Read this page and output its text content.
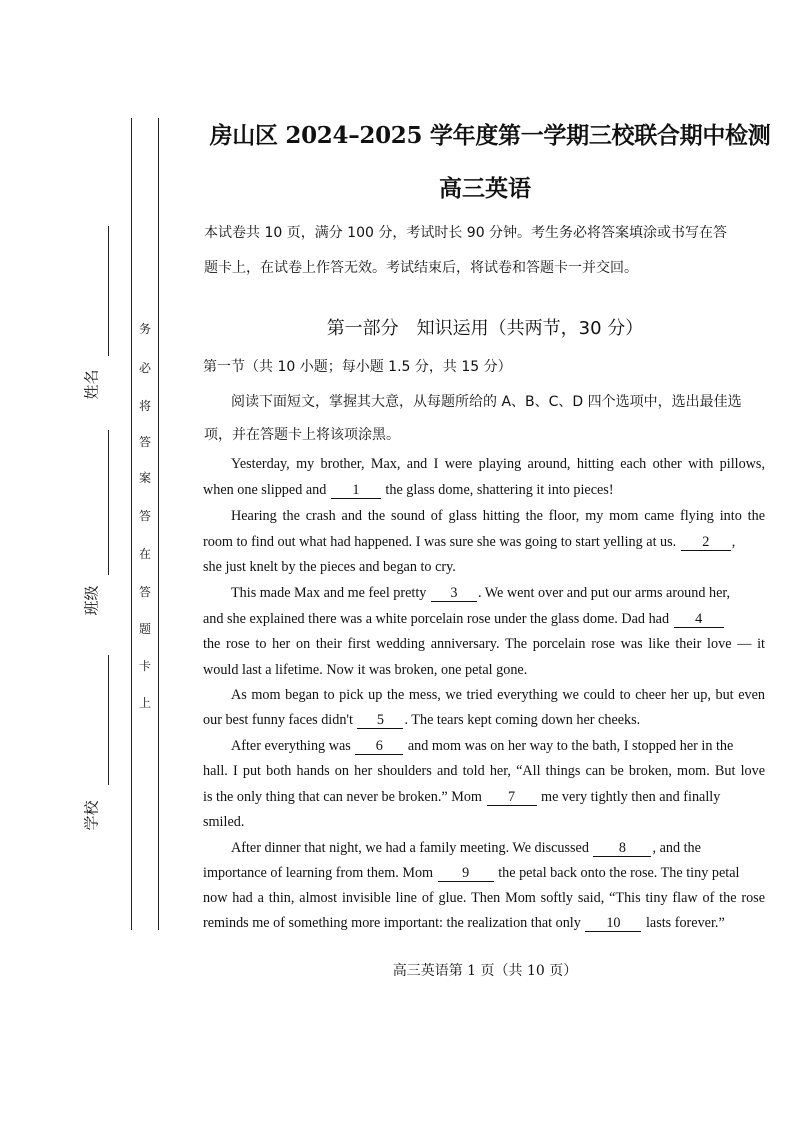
姓名
班级
学校
务
必
将
答
案
答
在
答
题
卡
上
房山区 2024–2025 学年度第一学期三校联合期中检测
高三英语
本试卷共 10 页，满分 100 分，考试时长 90 分钟。考生务必将答案填涂或书写在答
题卡上，在试卷上作答无效。考试结束后，将试卷和答题卡一并交回。
第一部分　知识运用（共两节，30 分）
第一节（共 10 小题；每小题 1.5 分，共 15 分）
阅读下面短文，掌握其大意，从每题所给的 A、B、C、D 四个选项中，选出最佳选
项，并在答题卡上将该项涂黑。
Yesterday, my brother, Max, and I were playing around, hitting each other with pillows,
when one slipped and 1 the glass dome, shattering it into pieces!
Hearing the crash and the sound of glass hitting the floor, my mom came flying into the
room to find out what had happened. I was sure she was going to start yelling at us. 2 ,
she just knelt by the pieces and began to cry.
This made Max and me feel pretty 3 . We went over and put our arms around her,
and she explained there was a white porcelain rose under the glass dome. Dad had 4
the rose to her on their first wedding anniversary. The porcelain rose was like their love — it
would last a lifetime. Now it was broken, one petal gone.
As mom began to pick up the mess, we tried everything we could to cheer her up, but even
our best funny faces didn't 5 . The tears kept coming down her cheeks.
After everything was 6 and mom was on her way to the bath, I stopped her in the
hall. I put both hands on her shoulders and told her, “All things can be broken, mom. But love
is the only thing that can never be broken.” Mom 7 me very tightly then and finally
smiled.
After dinner that night, we had a family meeting. We discussed 8 , and the
importance of learning from them. Mom 9 the petal back onto the rose. The tiny petal
now had a thin, almost invisible line of glue. Then Mom softly said, “This tiny flaw of the rose
reminds me of something more important: the realization that only 10 lasts forever.”
高三英语第 1 页（共 10 页）
